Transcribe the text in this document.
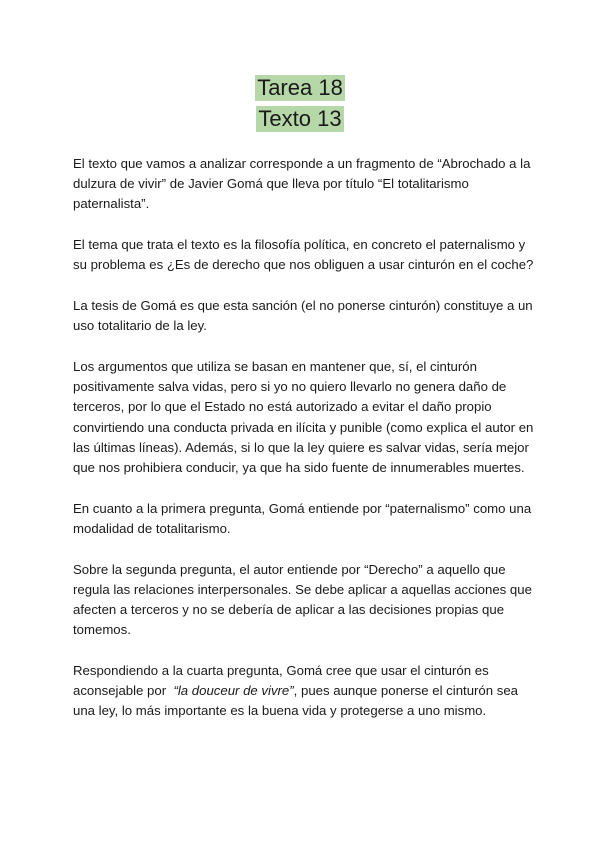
Tarea 18
Texto 13

El texto que vamos a analizar corresponde a un fragmento de “Abrochado a la dulzura de vivir” de Javier Gomá que lleva por título “El totalitarismo paternalista”.

El tema que trata el texto es la filosofía política, en concreto el paternalismo y su problema es ¿Es de derecho que nos obliguen a usar cinturón en el coche?

La tesis de Gomá es que esta sanción (el no ponerse cinturón) constituye a un uso totalitario de la ley.

Los argumentos que utiliza se basan en mantener que, sí, el cinturón positivamente salva vidas, pero si yo no quiero llevarlo no genera daño de terceros, por lo que el Estado no está autorizado a evitar el daño propio convirtiendo una conducta privada en ilícita y punible (como explica el autor en las últimas líneas). Además, si lo que la ley quiere es salvar vidas, sería mejor que nos prohibiera conducir, ya que ha sido fuente de innumerables muertes.

En cuanto a la primera pregunta, Gomá entiende por “paternalismo” como una modalidad de totalitarismo.

Sobre la segunda pregunta, el autor entiende por “Derecho” a aquello que regula las relaciones interpersonales. Se debe aplicar a aquellas acciones que afecten a terceros y no se debería de aplicar a las decisiones propias que tomemos.

Respondiendo a la cuarta pregunta, Gomá cree que usar el cinturón es aconsejable por  “la douceur de vivre”, pues aunque ponerse el cinturón sea una ley, lo más importante es la buena vida y protegerse a uno mismo.
